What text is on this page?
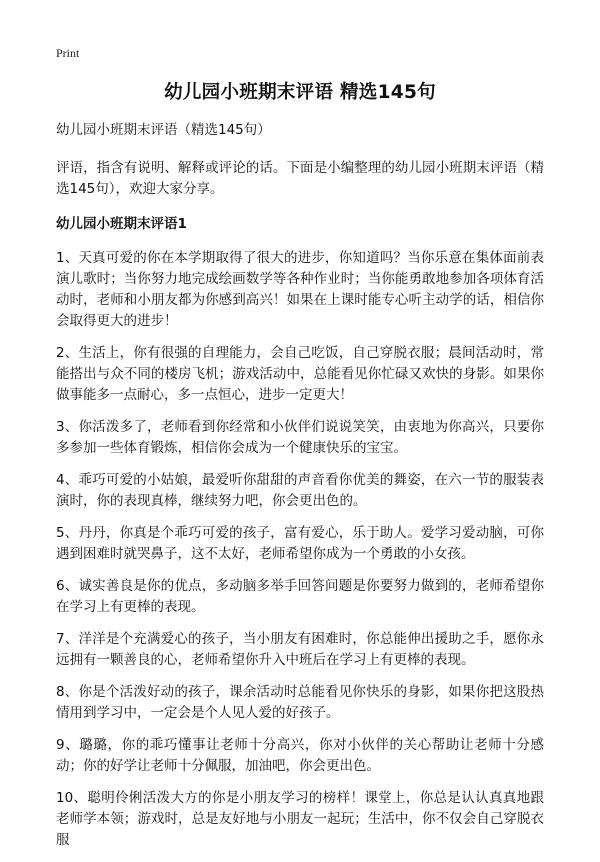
Print
幼儿园小班期末评语 精选145句

幼儿园小班期末评语（精选145句）

评语，指含有说明、解释或评论的话。下面是小编整理的幼儿园小班期末评语（精选145句），欢迎大家分享。

幼儿园小班期末评语1

1、天真可爱的你在本学期取得了很大的进步，你知道吗？当你乐意在集体面前表演儿歌时；当你努力地完成绘画数学等各种作业时；当你能勇敢地参加各项体育活动时，老师和小朋友都为你感到高兴！如果在上课时能专心听主动学的话，相信你会取得更大的进步！

2、生活上，你有很强的自理能力，会自己吃饭，自己穿脱衣服；晨间活动时，常能搭出与众不同的楼房飞机；游戏活动中，总能看见你忙碌又欢快的身影。如果你做事能多一点耐心，多一点恒心，进步一定更大！

3、你活泼多了，老师看到你经常和小伙伴们说说笑笑，由衷地为你高兴，只要你多参加一些体育锻炼，相信你会成为一个健康快乐的宝宝。

4、乖巧可爱的小姑娘，最爱听你甜甜的声音看你优美的舞姿，在六一节的服装表演时，你的表现真棒，继续努力吧，你会更出色的。

5、丹丹，你真是个乖巧可爱的孩子，富有爱心，乐于助人。爱学习爱动脑，可你遇到困难时就哭鼻子，这不太好，老师希望你成为一个勇敢的小女孩。

6、诚实善良是你的优点，多动脑多举手回答问题是你要努力做到的，老师希望你在学习上有更棒的表现。

7、洋洋是个充满爱心的孩子，当小朋友有困难时，你总能伸出援助之手，愿你永远拥有一颗善良的心，老师希望你升入中班后在学习上有更棒的表现。

8、你是个活泼好动的孩子，课余活动时总能看见你快乐的身影，如果你把这股热情用到学习中，一定会是个人见人爱的好孩子。

9、璐璐，你的乖巧懂事让老师十分高兴，你对小伙伴的关心帮助让老师十分感动；你的好学让老师十分佩服，加油吧，你会更出色。

10、聪明伶俐活泼大方的你是小朋友学习的榜样！课堂上，你总是认认真真地跟老师学本领；游戏时，总是友好地与小朋友一起玩；生活中，你不仅会自己穿脱衣服
